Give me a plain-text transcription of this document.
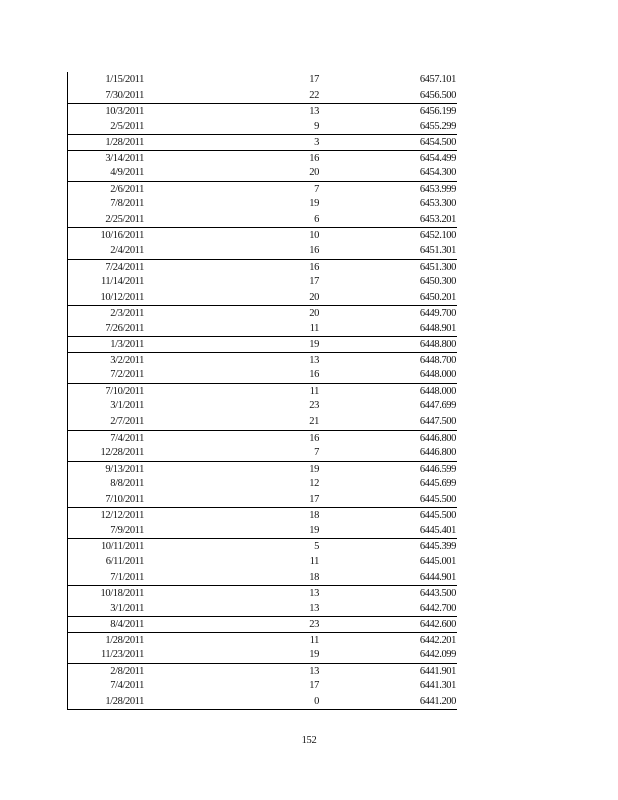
1/15/2011	17	6457.101
7/30/2011	22	6456.500
10/3/2011	13	6456.199
2/5/2011	9	6455.299
1/28/2011	3	6454.500
3/14/2011	16	6454.499
4/9/2011	20	6454.300
2/6/2011	7	6453.999
7/8/2011	19	6453.300
2/25/2011	6	6453.201
10/16/2011	10	6452.100
2/4/2011	16	6451.301
7/24/2011	16	6451.300
11/14/2011	17	6450.300
10/12/2011	20	6450.201
2/3/2011	20	6449.700
7/26/2011	11	6448.901
1/3/2011	19	6448.800
3/2/2011	13	6448.700
7/2/2011	16	6448.000
7/10/2011	11	6448.000
3/1/2011	23	6447.699
2/7/2011	21	6447.500
7/4/2011	16	6446.800
12/28/2011	7	6446.800
9/13/2011	19	6446.599
8/8/2011	12	6445.699
7/10/2011	17	6445.500
12/12/2011	18	6445.500
7/9/2011	19	6445.401
10/11/2011	5	6445.399
6/11/2011	11	6445.001
7/1/2011	18	6444.901
10/18/2011	13	6443.500
3/1/2011	13	6442.700
8/4/2011	23	6442.600
1/28/2011	11	6442.201
11/23/2011	19	6442.099
2/8/2011	13	6441.901
7/4/2011	17	6441.301
1/28/2011	0	6441.200
152
